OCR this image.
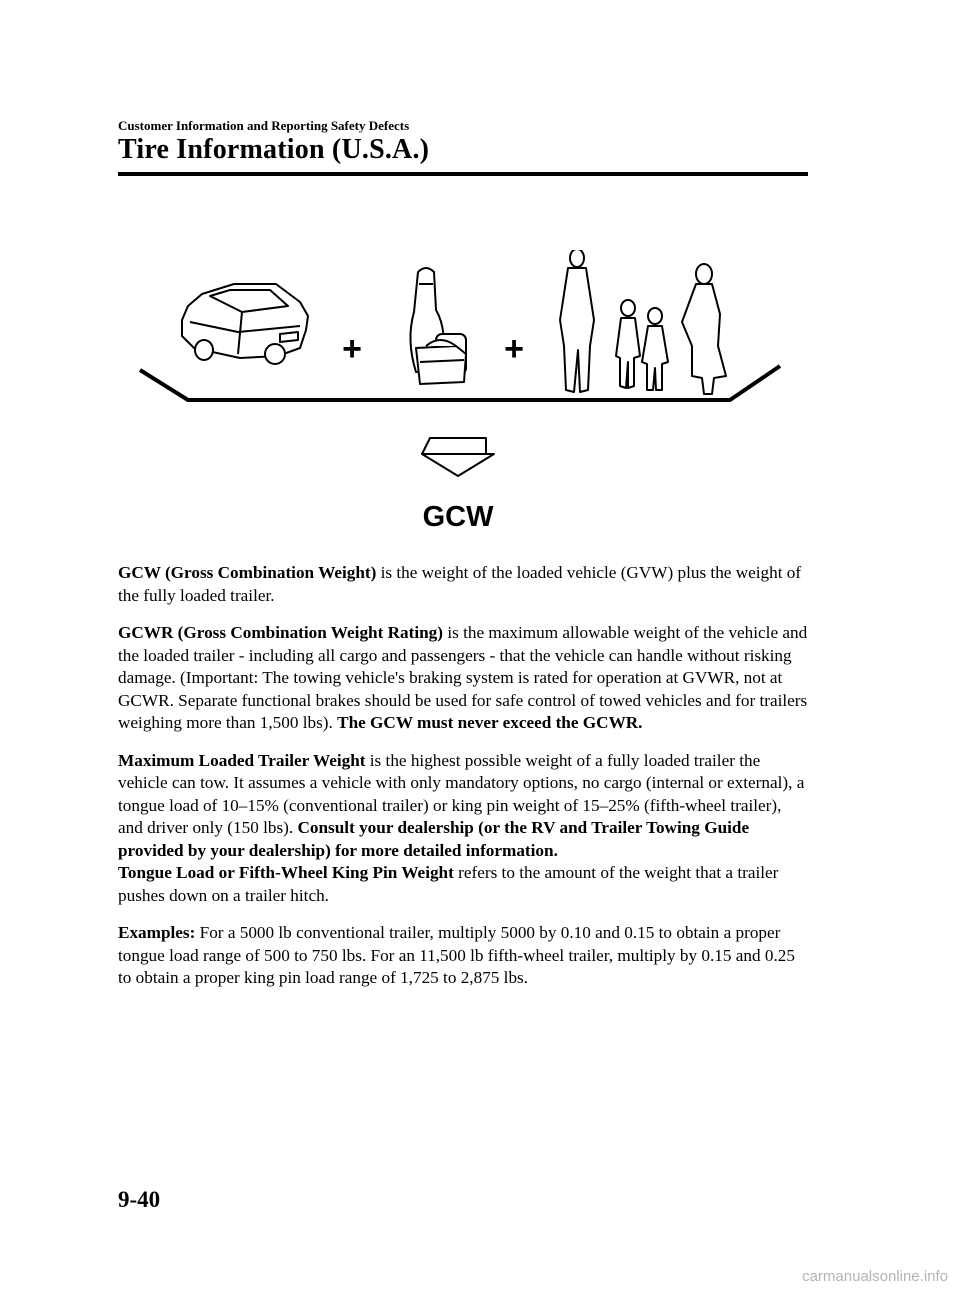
Customer Information and Reporting Safety Defects
Tire Information (U.S.A.)
+	+
GCW

GCW (Gross Combination Weight) is the weight of the loaded vehicle (GVW) plus the weight of the fully loaded trailer.

GCWR (Gross Combination Weight Rating) is the maximum allowable weight of the vehicle and the loaded trailer - including all cargo and passengers - that the vehicle can handle without risking damage. (Important: The towing vehicle's braking system is rated for operation at GVWR, not at GCWR. Separate functional brakes should be used for safe control of towed vehicles and for trailers weighing more than 1,500 lbs). The GCW must never exceed the GCWR.

Maximum Loaded Trailer Weight is the highest possible weight of a fully loaded trailer the vehicle can tow. It assumes a vehicle with only mandatory options, no cargo (internal or external), a tongue load of 10–15% (conventional trailer) or king pin weight of 15–25% (fifth-wheel trailer), and driver only (150 lbs). Consult your dealership (or the RV and Trailer Towing Guide provided by your dealership) for more detailed information.

Tongue Load or Fifth-Wheel King Pin Weight refers to the amount of the weight that a trailer pushes down on a trailer hitch.

Examples: For a 5000 lb conventional trailer, multiply 5000 by 0.10 and 0.15 to obtain a proper tongue load range of 500 to 750 lbs. For an 11,500 lb fifth-wheel trailer, multiply by 0.15 and 0.25 to obtain a proper king pin load range of 1,725 to 2,875 lbs.

9-40
carmanualsonline.info
